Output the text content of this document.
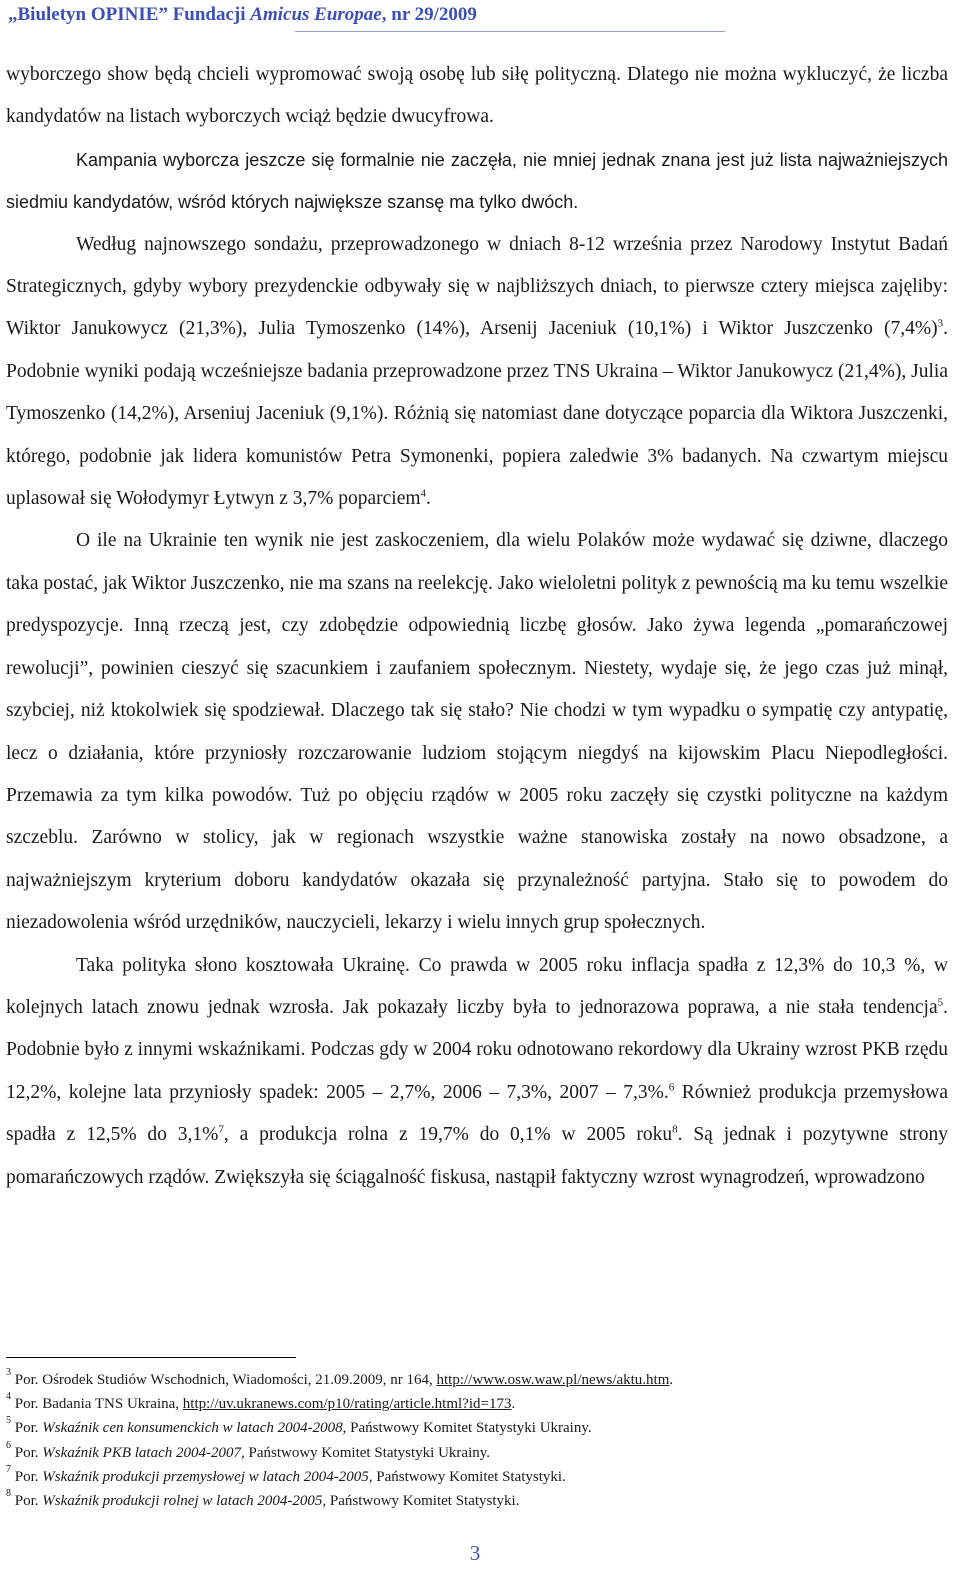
„Biuletyn OPINIE” Fundacji Amicus Europae, nr 29/2009

wyborczego show będą chcieli wypromować swoją osobę lub siłę polityczną. Dlatego nie można wykluczyć, że liczba kandydatów na listach wyborczych wciąż będzie dwucyfrowa.

Kampania wyborcza jeszcze się formalnie nie zaczęła, nie mniej jednak znana jest już lista najważniejszych siedmiu kandydatów, wśród których największe szansę ma tylko dwóch.

Według najnowszego sondażu, przeprowadzonego w dniach 8-12 września przez Narodowy Instytut Badań Strategicznych, gdyby wybory prezydenckie odbywały się w najbliższych dniach, to pierwsze cztery miejsca zajęliby: Wiktor Janukowycz (21,3%), Julia Tymoszenko (14%), Arsenij Jaceniuk (10,1%) i Wiktor Juszczenko $(7,4\%)^3$. Podobnie wyniki podają wcześniejsze badania przeprowadzone przez TNS Ukraina – Wiktor Janukowycz (21,4%), Julia Tymoszenko (14,2%), Arseniuj Jaceniuk (9,1%). Różnią się natomiast dane dotyczące poparcia dla Wiktora Juszczenki, którego, podobnie jak lidera komunistów Petra Symonenki, popiera zaledwie 3% badanych. Na czwartym miejscu uplasował się Wołodymyr Łytwyn z 3,7% poparciem$^4$.

O ile na Ukrainie ten wynik nie jest zaskoczeniem, dla wielu Polaków może wydawać się dziwne, dlaczego taka postać, jak Wiktor Juszczenko, nie ma szans na reelekcję. Jako wieloletni polityk z pewnością ma ku temu wszelkie predyspozycje. Inną rzeczą jest, czy zdobędzie odpowiednią liczbę głosów. Jako żywa legenda „pomarańczowej rewolucji”, powinien cieszyć się szacunkiem i zaufaniem społecznym. Niestety, wydaje się, że jego czas już minął, szybciej, niż ktokolwiek się spodziewał. Dlaczego tak się stało? Nie chodzi w tym wypadku o sympatię czy antypatię, lecz o działania, które przyniosły rozczarowanie ludziom stojącym niegdyś na kijowskim Placu Niepodległości. Przemawia za tym kilka powodów. Tuż po objęciu rządów w 2005 roku zaczęły się czystki polityczne na każdym szczeblu. Zarówno w stolicy, jak w regionach wszystkie ważne stanowiska zostały na nowo obsadzone, a najważniejszym kryterium doboru kandydatów okazała się przynależność partyjna. Stało się to powodem do niezadowolenia wśród urzędników, nauczycieli, lekarzy i wielu innych grup społecznych.

Taka polityka słono kosztowała Ukrainę. Co prawda w 2005 roku inflacja spadła z 12,3% do 10,3 %, w kolejnych latach znowu jednak wzrosła. Jak pokazały liczby była to jednorazowa poprawa, a nie stała tendencja$^5$. Podobnie było z innymi wskaźnikami. Podczas gdy w 2004 roku odnotowano rekordowy dla Ukrainy wzrost PKB rzędu 12,2%, kolejne lata przyniosły spadek: 2005 – 2,7%, 2006 – 7,3%, 2007 – 7,3%.$^6$ Również produkcja przemysłowa spadła z 12,5% do 3,1%$^7$, a produkcja rolna z 19,7% do 0,1% w 2005 roku$^8$. Są jednak i pozytywne strony pomarańczowych rządów. Zwiększyła się ściągalność fiskusa, nastąpił faktyczny wzrost wynagrodzeń, wprowadzono

$^3$ Por. Ośrodek Studiów Wschodnich, Wiadomości, 21.09.2009, nr 164, http://www.osw.waw.pl/news/aktu.htm.
$^4$ Por. Badania TNS Ukraina, http://uv.ukranews.com/p10/rating/article.html?id=173.
$^5$ Por. Wskaźnik cen konsumenckich w latach 2004-2008, Państwowy Komitet Statystyki Ukrainy.
$^6$ Por. Wskaźnik PKB latach 2004-2007, Państwowy Komitet Statystyki Ukrainy.
$^7$ Por. Wskaźnik produkcji przemysłowej w latach 2004-2005, Państwowy Komitet Statystyki.
$^8$ Por. Wskaźnik produkcji rolnej w latach 2004-2005, Państwowy Komitet Statystyki.
3
